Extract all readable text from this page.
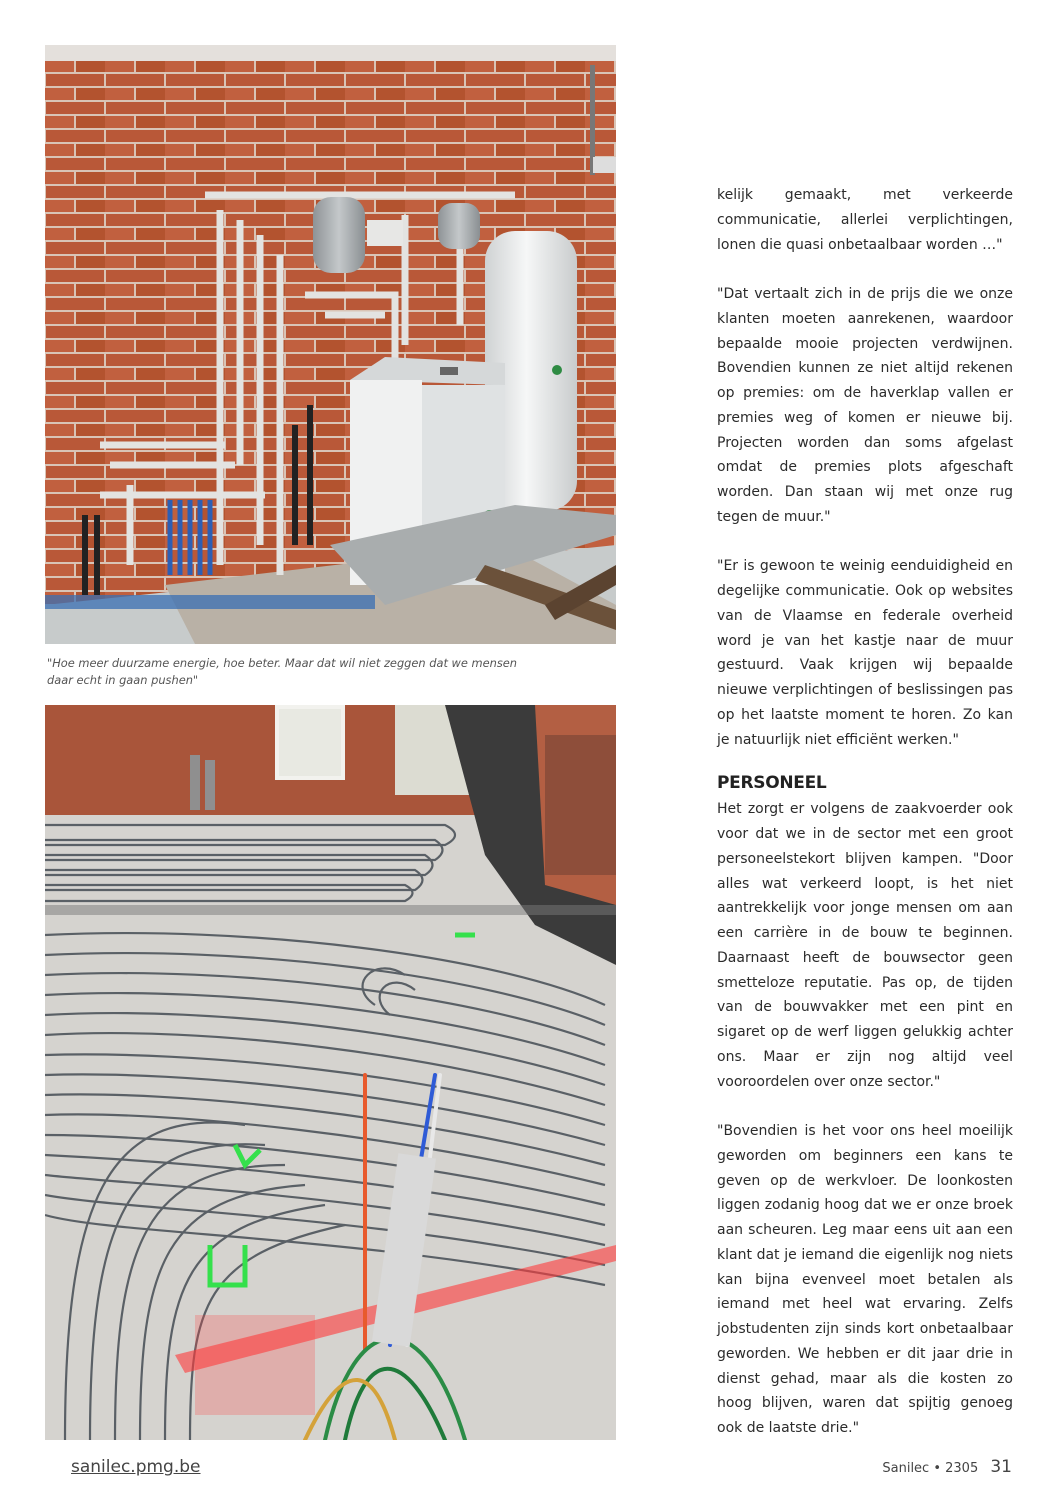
"Hoe meer duurzame energie, hoe beter. Maar dat wil niet zeggen dat we mensen daar echt in gaan pushen"

kelijk gemaakt, met verkeerde communicatie, allerlei verplichtingen, lonen die quasi onbetaalbaar worden …"

"Dat vertaalt zich in de prijs die we onze klanten moeten aanrekenen, waardoor bepaalde mooie projecten verdwijnen. Bovendien kunnen ze niet altijd rekenen op premies: om de haverklap vallen er premies weg of komen er nieuwe bij. Projecten worden dan soms afgelast omdat de premies plots afgeschaft worden. Dan staan wij met onze rug tegen de muur."

"Er is gewoon te weinig eenduidigheid en degelijke communicatie. Ook op websites van de Vlaamse en federale overheid word je van het kastje naar de muur gestuurd. Vaak krijgen wij bepaalde nieuwe verplichtingen of beslissingen pas op het laatste moment te horen. Zo kan je natuurlijk niet efficiënt werken."

PERSONEEL

Het zorgt er volgens de zaakvoerder ook voor dat we in de sector met een groot personeelstekort blijven kampen. "Door alles wat verkeerd loopt, is het niet aantrekkelijk voor jonge mensen om aan een carrière in de bouw te beginnen. Daarnaast heeft de bouwsector geen smetteloze reputatie. Pas op, de tijden van de bouwvakker met een pint en sigaret op de werf liggen gelukkig achter ons. Maar er zijn nog altijd veel vooroordelen over onze sector."

"Bovendien is het voor ons heel moeilijk geworden om beginners een kans te geven op de werkvloer. De loonkosten liggen zodanig hoog dat we er onze broek aan scheuren. Leg maar eens uit aan een klant dat je iemand die eigenlijk nog niets kan bijna evenveel moet betalen als iemand met heel wat ervaring. Zelfs jobstudenten zijn sinds kort onbetaalbaar geworden. We hebben er dit jaar drie in dienst gehad, maar als die kosten zo hoog blijven, waren dat spijtig genoeg ook de laatste drie."

sanilec.pmg.be	Sanilec • 2305 31
